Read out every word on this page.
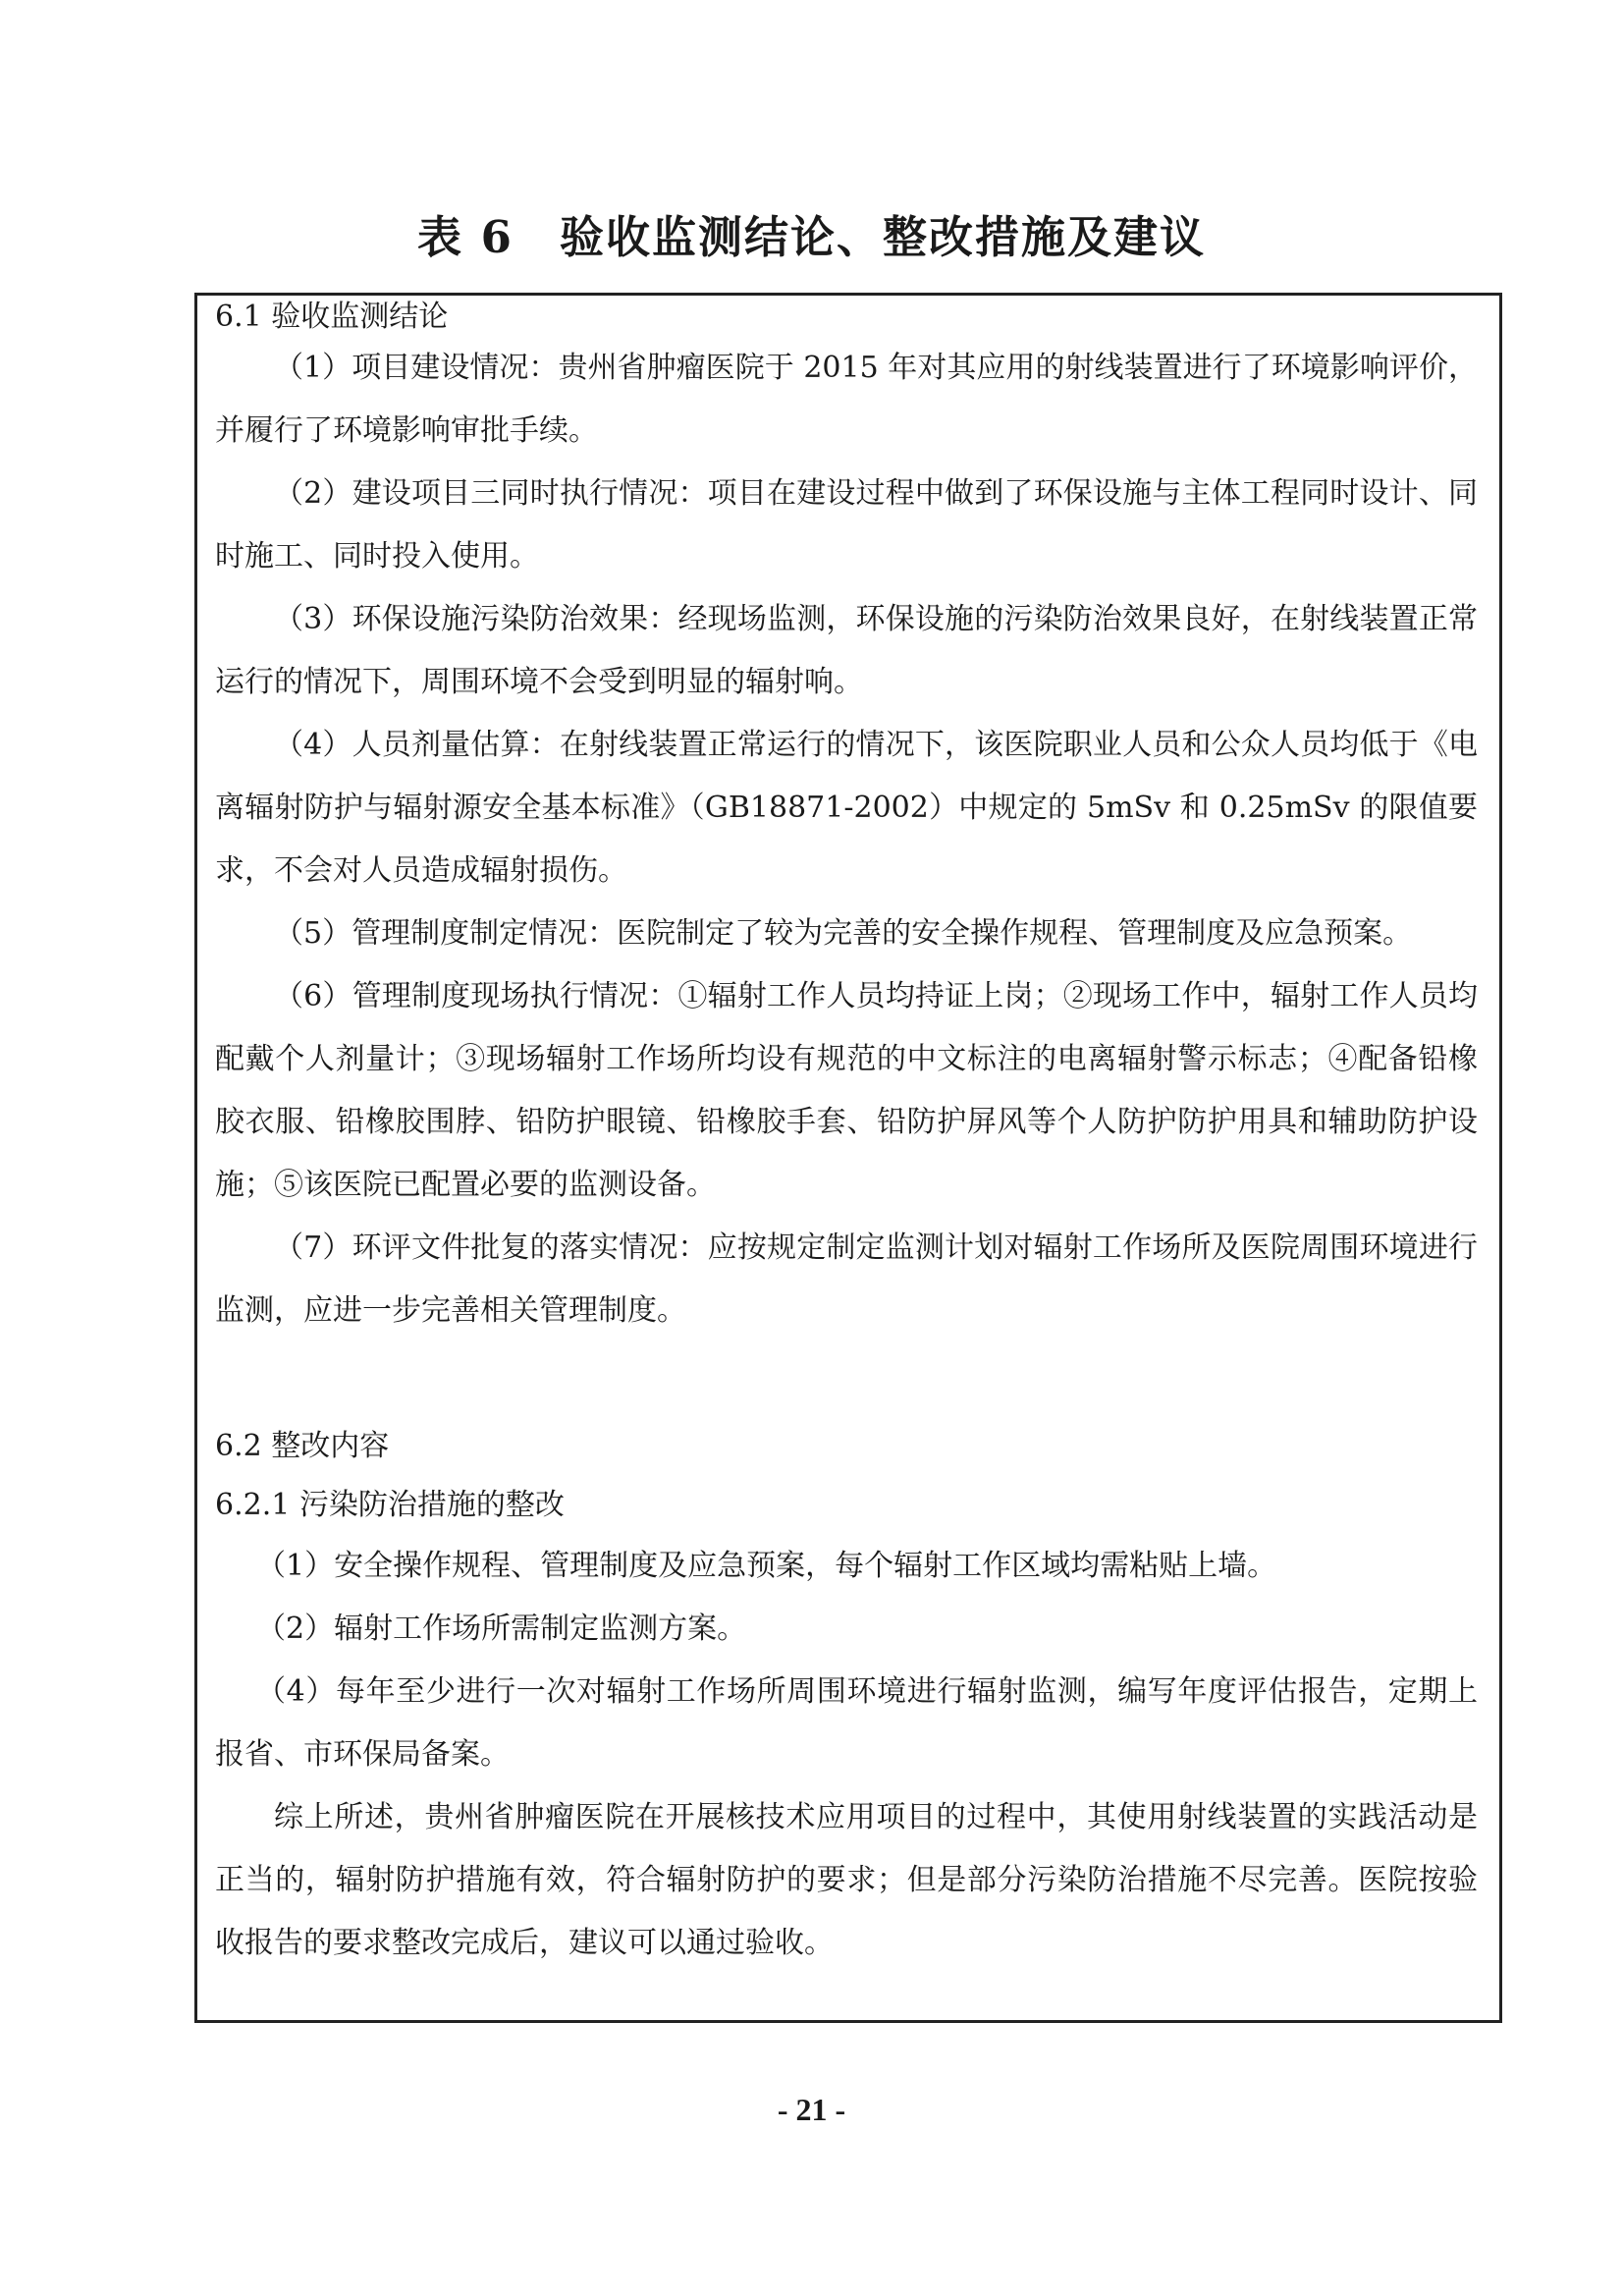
表 6　验收监测结论、整改措施及建议

6.1 验收监测结论

（1）项目建设情况：贵州省肿瘤医院于 2015 年对其应用的射线装置进行了环境影响评价，并履行了环境影响审批手续。

（2）建设项目三同时执行情况：项目在建设过程中做到了环保设施与主体工程同时设计、同时施工、同时投入使用。

（3）环保设施污染防治效果：经现场监测，环保设施的污染防治效果良好，在射线装置正常运行的情况下，周围环境不会受到明显的辐射响。

（4）人员剂量估算：在射线装置正常运行的情况下，该医院职业人员和公众人员均低于《电离辐射防护与辐射源安全基本标准》（GB18871-2002）中规定的 5mSv 和 0.25mSv 的限值要求，不会对人员造成辐射损伤。

（5）管理制度制定情况：医院制定了较为完善的安全操作规程、管理制度及应急预案。

（6）管理制度现场执行情况：①辐射工作人员均持证上岗；②现场工作中，辐射工作人员均配戴个人剂量计；③现场辐射工作场所均设有规范的中文标注的电离辐射警示标志；④配备铅橡胶衣服、铅橡胶围脖、铅防护眼镜、铅橡胶手套、铅防护屏风等个人防护防护用具和辅助防护设施；⑤该医院已配置必要的监测设备。

（7）环评文件批复的落实情况：应按规定制定监测计划对辐射工作场所及医院周围环境进行监测，应进一步完善相关管理制度。

6.2 整改内容

6.2.1 污染防治措施的整改

（1）安全操作规程、管理制度及应急预案，每个辐射工作区域均需粘贴上墙。

（2）辐射工作场所需制定监测方案。

（4）每年至少进行一次对辐射工作场所周围环境进行辐射监测，编写年度评估报告，定期上报省、市环保局备案。

综上所述，贵州省肿瘤医院在开展核技术应用项目的过程中，其使用射线装置的实践活动是正当的，辐射防护措施有效，符合辐射防护的要求；但是部分污染防治措施不尽完善。医院按验收报告的要求整改完成后，建议可以通过验收。

- 21 -
